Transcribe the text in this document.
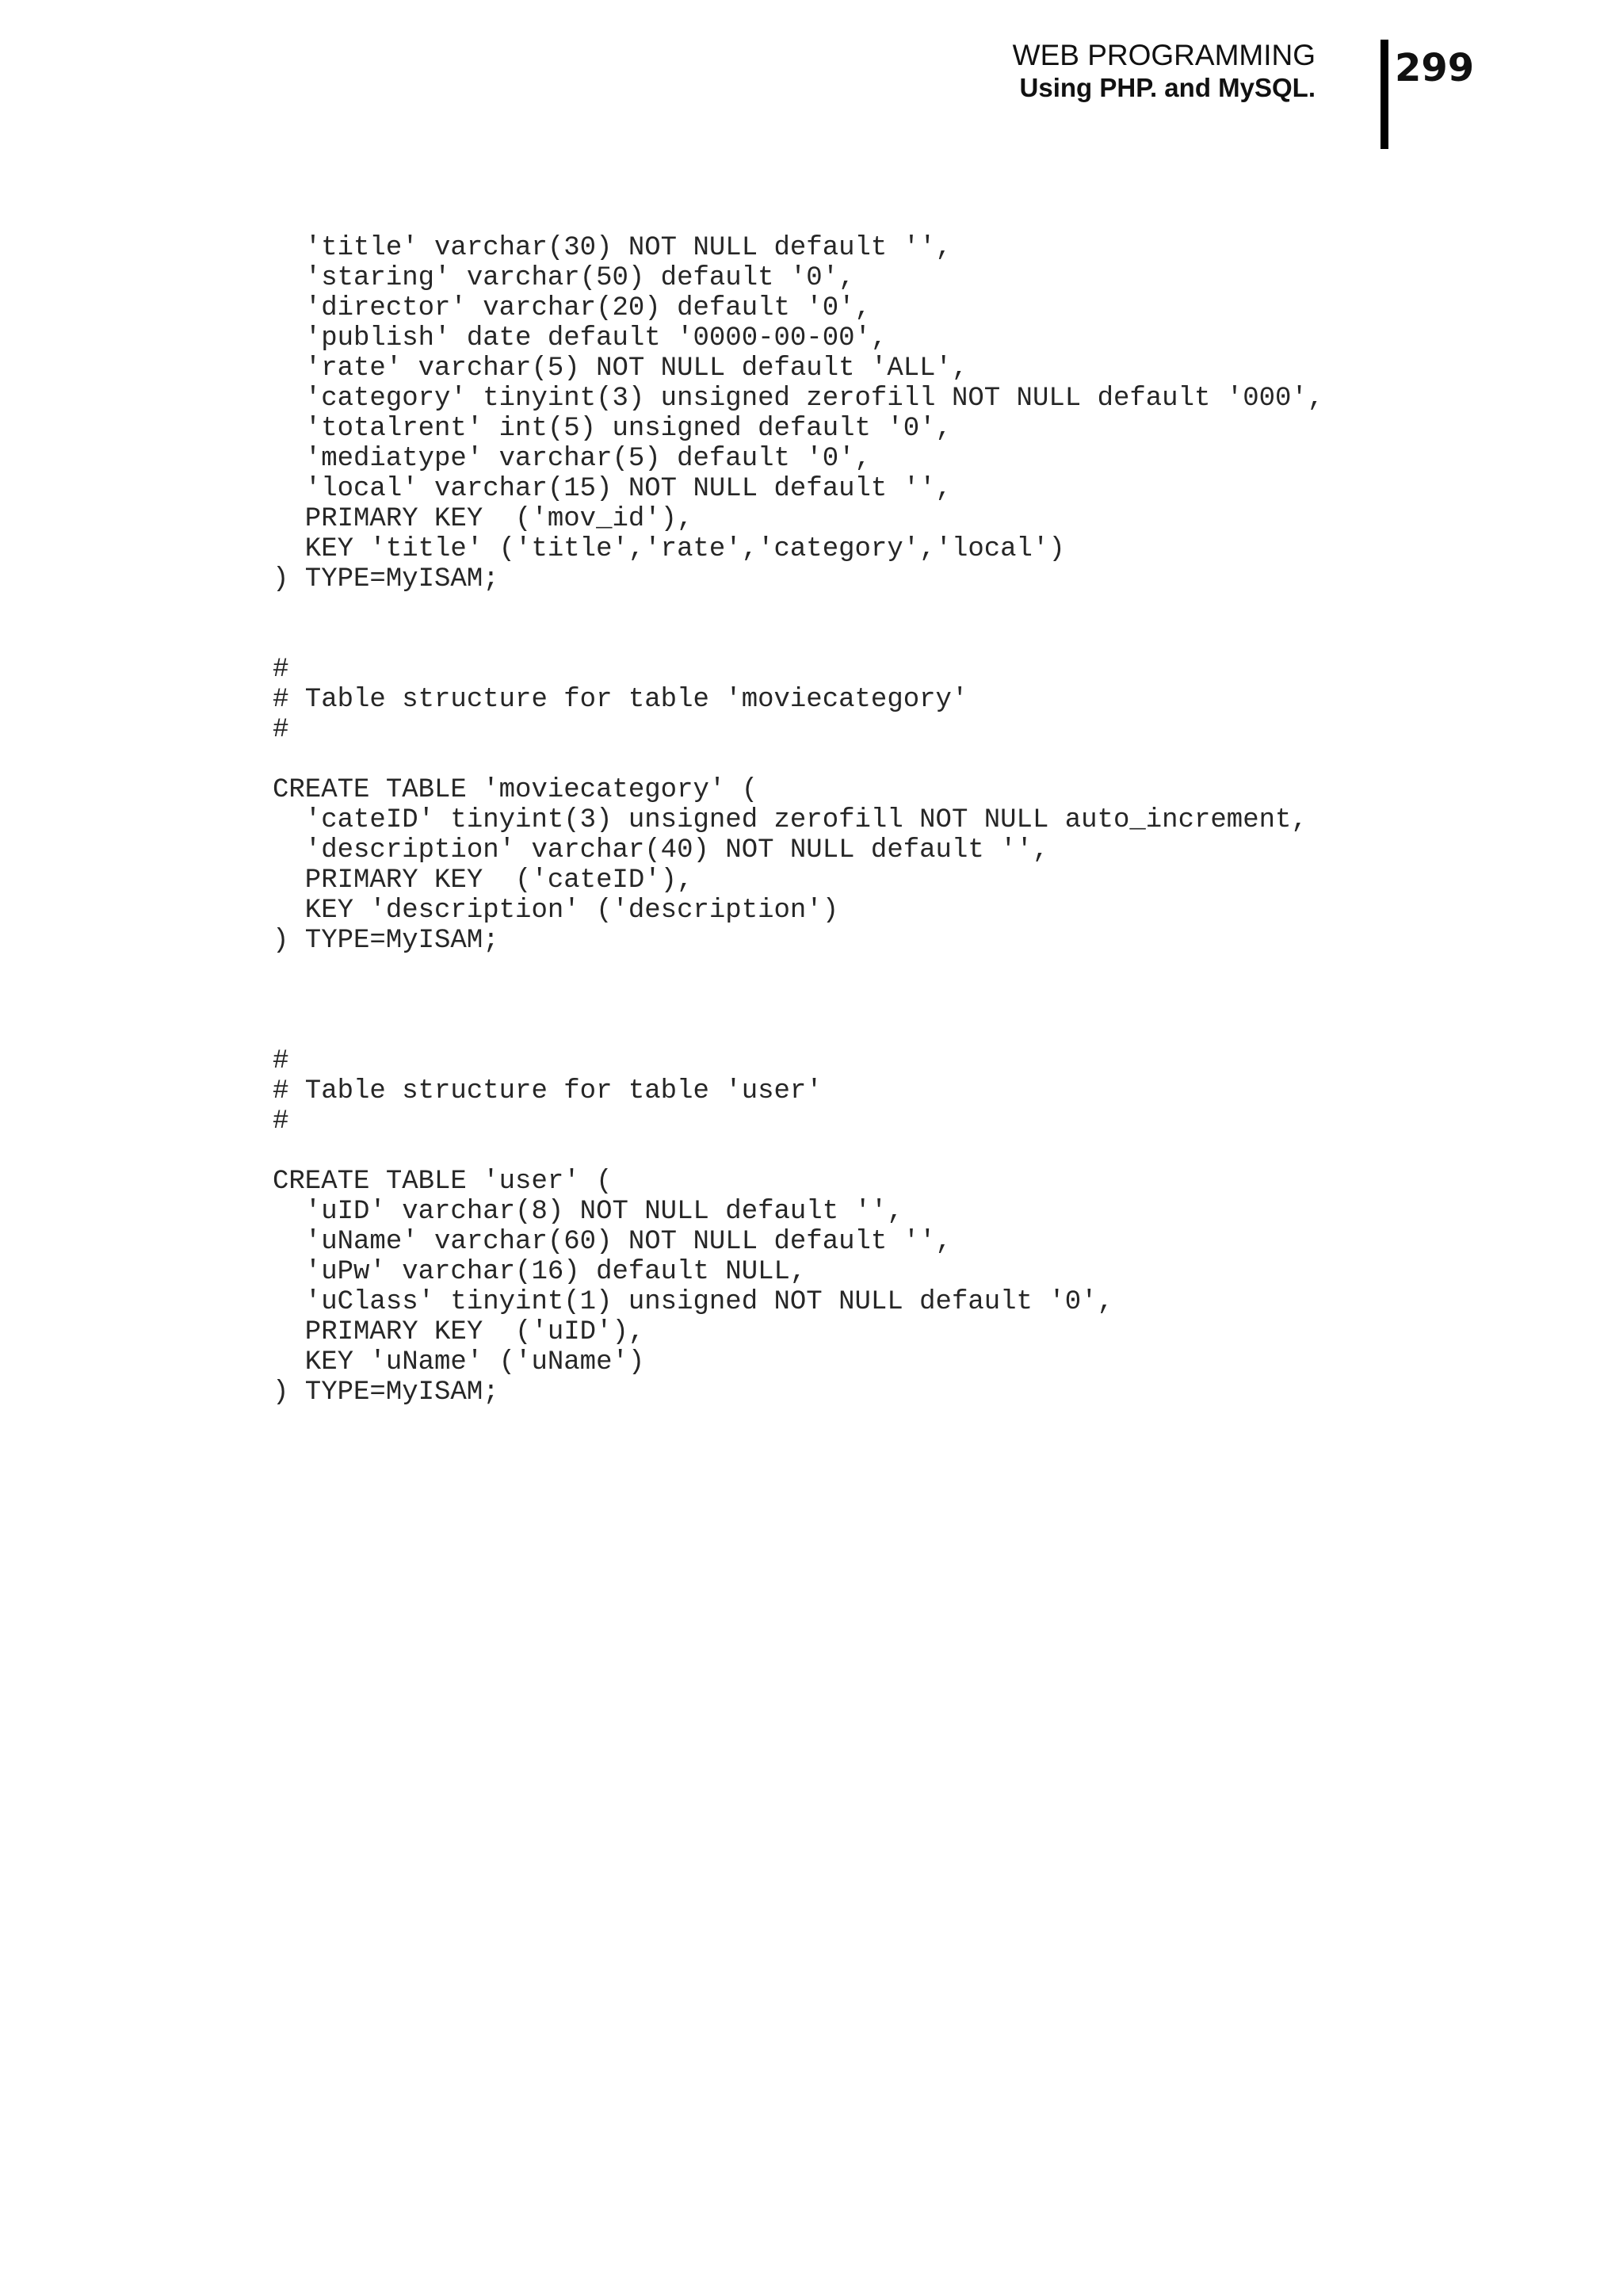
WEB PROGRAMMING
Using PHP. and MySQL. 299
'title' varchar(30) NOT NULL default '',
'staring' varchar(50) default '0',
'director' varchar(20) default '0',
'publish' date default '0000-00-00',
'rate' varchar(5) NOT NULL default 'ALL',
'category' tinyint(3) unsigned zerofill NOT NULL default '000',
'totalrent' int(5) unsigned default '0',
'mediatype' varchar(5) default '0',
'local' varchar(15) NOT NULL default '',
PRIMARY KEY  ('mov_id'),
KEY 'title' ('title','rate','category','local')
) TYPE=MyISAM;
#
# Table structure for table 'moviecategory'
#
CREATE TABLE 'moviecategory' (
'cateID' tinyint(3) unsigned zerofill NOT NULL auto_increment,
'description' varchar(40) NOT NULL default '',
PRIMARY KEY  ('cateID'),
KEY 'description' ('description')
) TYPE=MyISAM;
#
# Table structure for table 'user'
#
CREATE TABLE 'user' (
'uID' varchar(8) NOT NULL default '',
'uName' varchar(60) NOT NULL default '',
'uPw' varchar(16) default NULL,
'uClass' tinyint(1) unsigned NOT NULL default '0',
PRIMARY KEY  ('uID'),
KEY 'uName' ('uName')
) TYPE=MyISAM;
